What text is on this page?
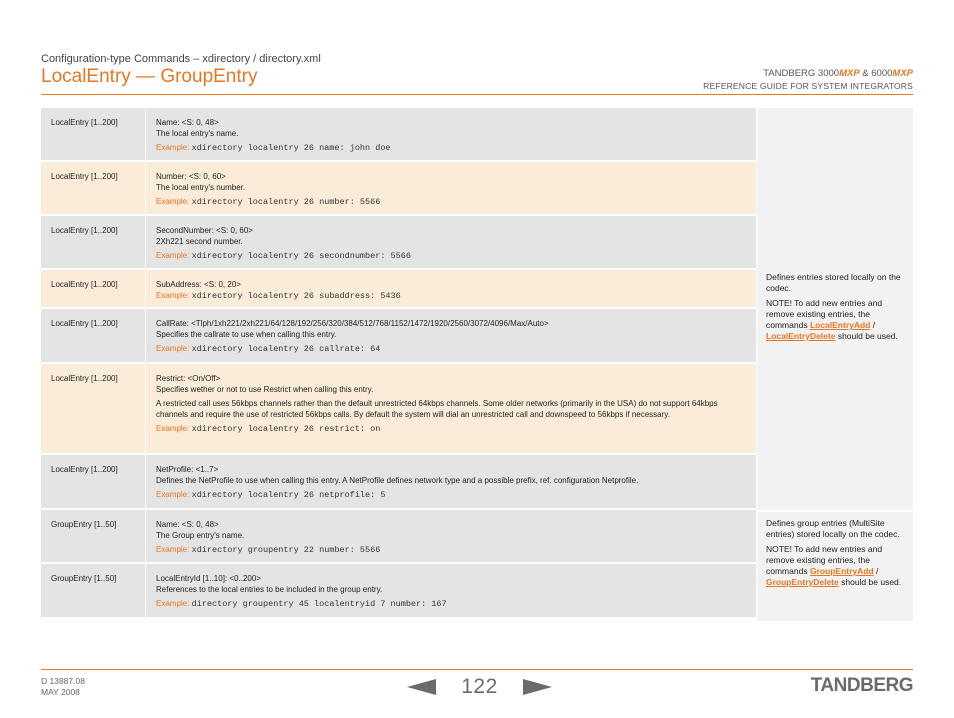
Configuration-type Commands – xdirectory / directory.xml
LocalEntry — GroupEntry	TANDBERG 3000MXP & 6000MXP
REFERENCE GUIDE FOR SYSTEM INTEGRATORS
LocalEntry [1..200]	Name: <S: 0, 48>
The local entry's name.
Example: xdirectory localentry 26 name: john doe
LocalEntry [1..200]	Number: <S: 0, 60>
The local entry's number.
Example: xdirectory localentry 26 number: 5566
LocalEntry [1..200]	SecondNumber: <S: 0, 60>
2Xh221 second number.
Example: xdirectory localentry 26 secondnumber: 5566
LocalEntry [1..200]	SubAddress: <S: 0, 20>
Example: xdirectory localentry 26 subaddress: 5436
LocalEntry [1..200]	CallRate: <Tlph/1xh221/2xh221/64/128/192/256/320/384/512/768/1152/1472/1920/2560/3072/4096/Max/Auto>
Specifies the callrate to use when calling this entry.
Example: xdirectory localentry 26 callrate: 64
LocalEntry [1..200]	Restrict: <On/Off>
Specifies wether or not to use Restrict when calling this entry.
A restricted call uses 56kbps channels rather than the default unrestricted 64kbps channels. Some older networks (primarily in the USA) do not support 64kbps channels and require the use of restricted 56kbps calls. By default the system will dial an unrestricted call and downspeed to 56kbps if necessary.
Example: xdirectory localentry 26 restrict: on
LocalEntry [1..200]	NetProfile: <1..7>
Defines the NetProfile to use when calling this entry. A NetProfile defines network type and a possible prefix, ref. configuration Netprofile.
Example: xdirectory localentry 26 netprofile: 5
GroupEntry [1..50]	Name: <S: 0, 48>
The Group entry's name.
Example: xdirectory groupentry 22 number: 5566
GroupEntry [1..50]	LocalEntryId [1..10]: <0..200>
References to the local entries to be included in the group entry.
Example: directory groupentry 45 localentryid 7 number: 167
Defines entries stored locally on the codec.
NOTE! To add new entries and remove existing entries, the commands LocalEntryAdd / LocalEntryDelete should be used.
Defines group entries (MultiSite entries) stored locally on the codec.
NOTE! To add new entries and remove existing entries, the commands GroupEntryAdd / GroupEntryDelete should be used.
D 13887.08
MAY 2008	122	TANDBERG
